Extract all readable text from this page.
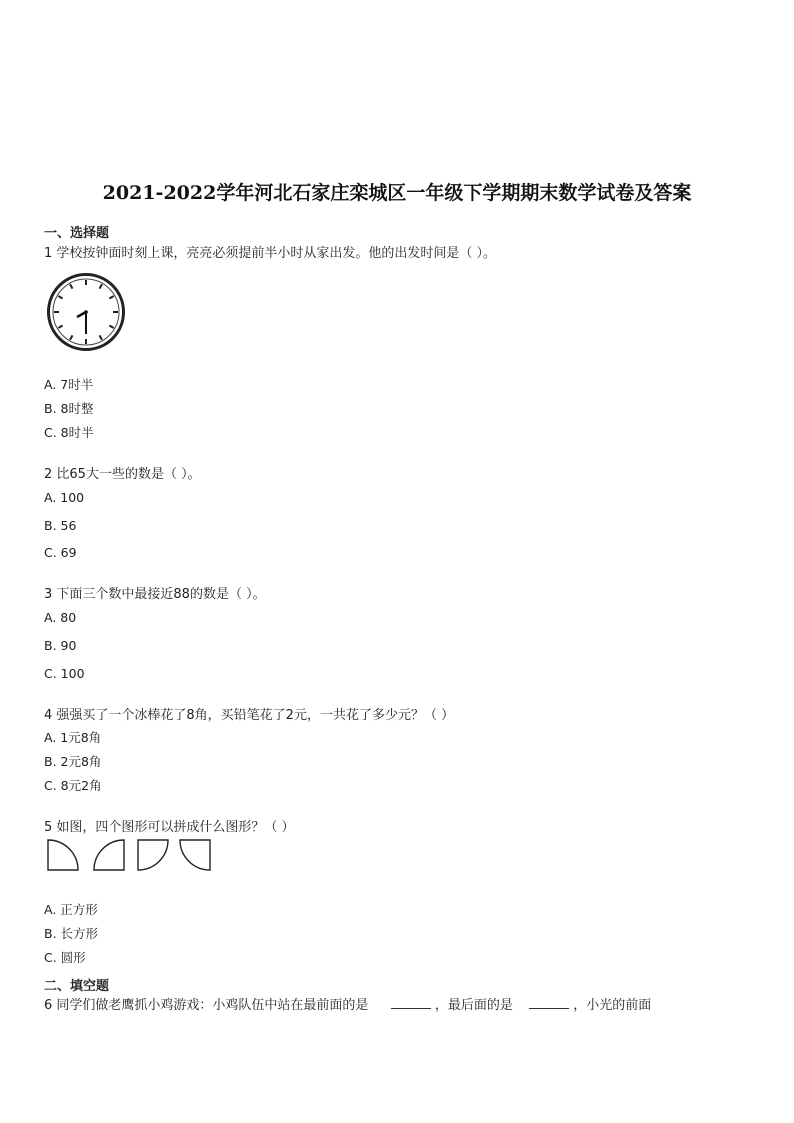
2021-2022学年河北石家庄栾城区一年级下学期期末数学试卷及答案
一、选择题
1 学校按钟面时刻上课，亮亮必须提前半小时从家出发。他的出发时间是（ ）。
A. 7时半
B. 8时整
C. 8时半
2 比65大一些的数是（ ）。
A. 100
B. 56
C. 69
3 下面三个数中最接近88的数是（ ）。
A. 80
B. 90
C. 100
4 强强买了一个冰棒花了8角，买铅笔花了2元，一共花了多少元？（ ）
A. 1元8角
B. 2元8角
C. 8元2角
5 如图，四个图形可以拼成什么图形？（ ）
A. 正方形
B. 长方形
C. 圆形
二、填空题
6 同学们做老鹰抓小鸡游戏：小鸡队伍中站在最前面的是	，最后面的是	，小光的前面
